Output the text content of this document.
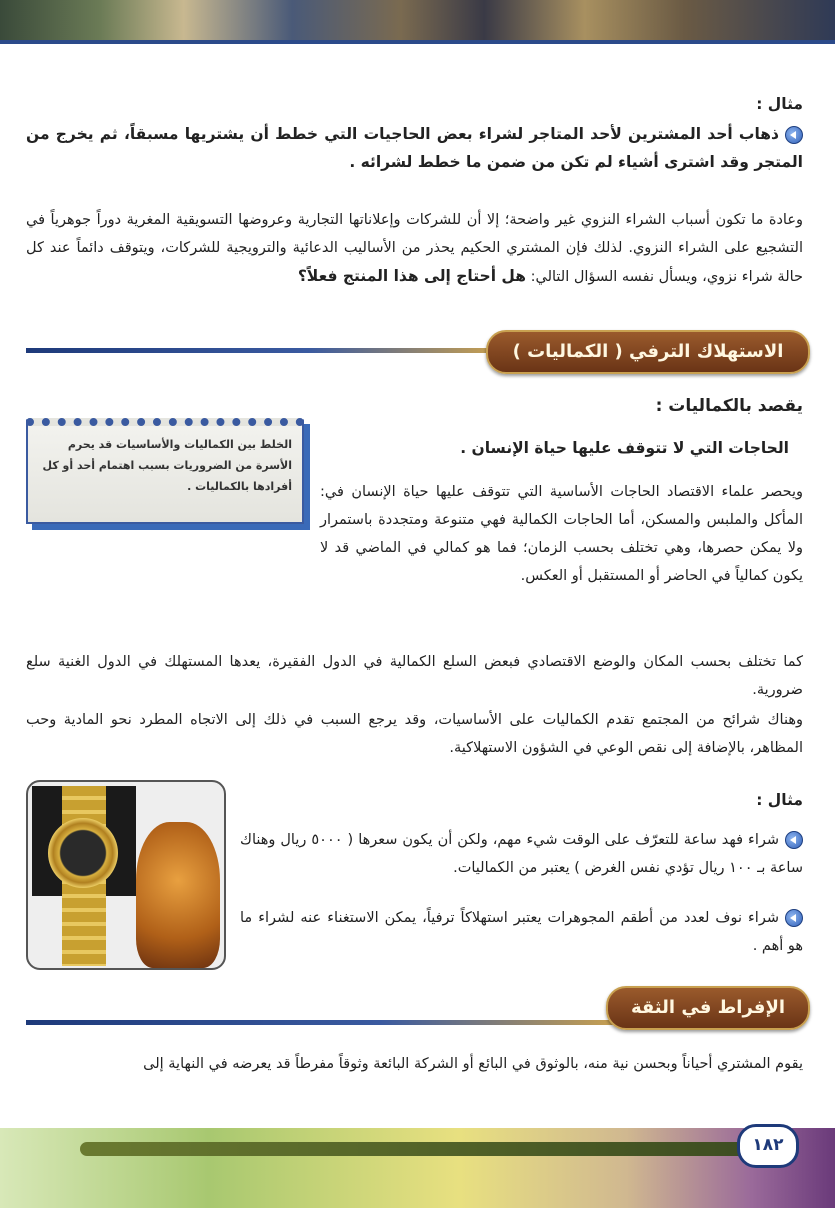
مثال :
ذهاب أحد المشترين لأحد المتاجر لشراء بعض الحاجيات التي خطط أن يشتريها مسبقاً، ثم يخرج من المتجر وقد اشترى أشياء لم تكن من ضمن ما خطط لشرائه .
وعادة ما تكون أسباب الشراء النزوي غير واضحة؛ إلا أن للشركات وإعلاناتها التجارية وعروضها التسويقية المغرية دوراً جوهرياً في التشجيع على الشراء النزوي. لذلك فإن المشتري الحكيم يحذر من الأساليب الدعائية والترويجية للشركات، ويتوقف دائماً عند كل حالة شراء نزوي، ويسأل نفسه السؤال التالي: هل أحتاج إلى هذا المنتج فعلاً؟
الاستهلاك الترفي ( الكماليات )
يقصد بالكماليات :
الحاجات التي لا تتوقف عليها حياة الإنسان .
الخلط بين الكماليات والأساسيات قد يحرم الأسرة من الضروريات بسبب اهتمام أحد أو كل أفرادها بالكماليات .	ويحصر علماء الاقتصاد الحاجات الأساسية التي تتوقف عليها حياة الإنسان في: المأكل والملبس والمسكن، أما الحاجات الكمالية فهي متنوعة ومتجددة باستمرار ولا يمكن حصرها، وهي تختلف بحسب الزمان؛ فما هو كمالي في الماضي قد لا يكون كمالياً في الحاضر أو المستقبل أو العكس.
كما تختلف بحسب المكان والوضع الاقتصادي فبعض السلع الكمالية في الدول الفقيرة، يعدها المستهلك في الدول الغنية سلع ضرورية.
وهناك شرائح من المجتمع تقدم الكماليات على الأساسيات، وقد يرجع السبب في ذلك إلى الاتجاه المطرد نحو المادية وحب المظاهر، بالإضافة إلى نقص الوعي في الشؤون الاستهلاكية.
مثال :
شراء فهد ساعة للتعرّف على الوقت شيء مهم، ولكن أن يكون سعرها ( ٥٠٠٠ ريال وهناك ساعة بـ ١٠٠ ريال تؤدي نفس الغرض ) يعتبر من الكماليات.
شراء نوف لعدد من أطقم المجوهرات يعتبر استهلاكاً ترفياً، يمكن الاستغناء عنه لشراء ما هو أهم .
الإفراط في الثقة
يقوم المشتري أحياناً وبحسن نية منه، بالوثوق في البائع أو الشركة البائعة وثوقاً مفرطاً قد يعرضه في النهاية إلى
١٨٢
